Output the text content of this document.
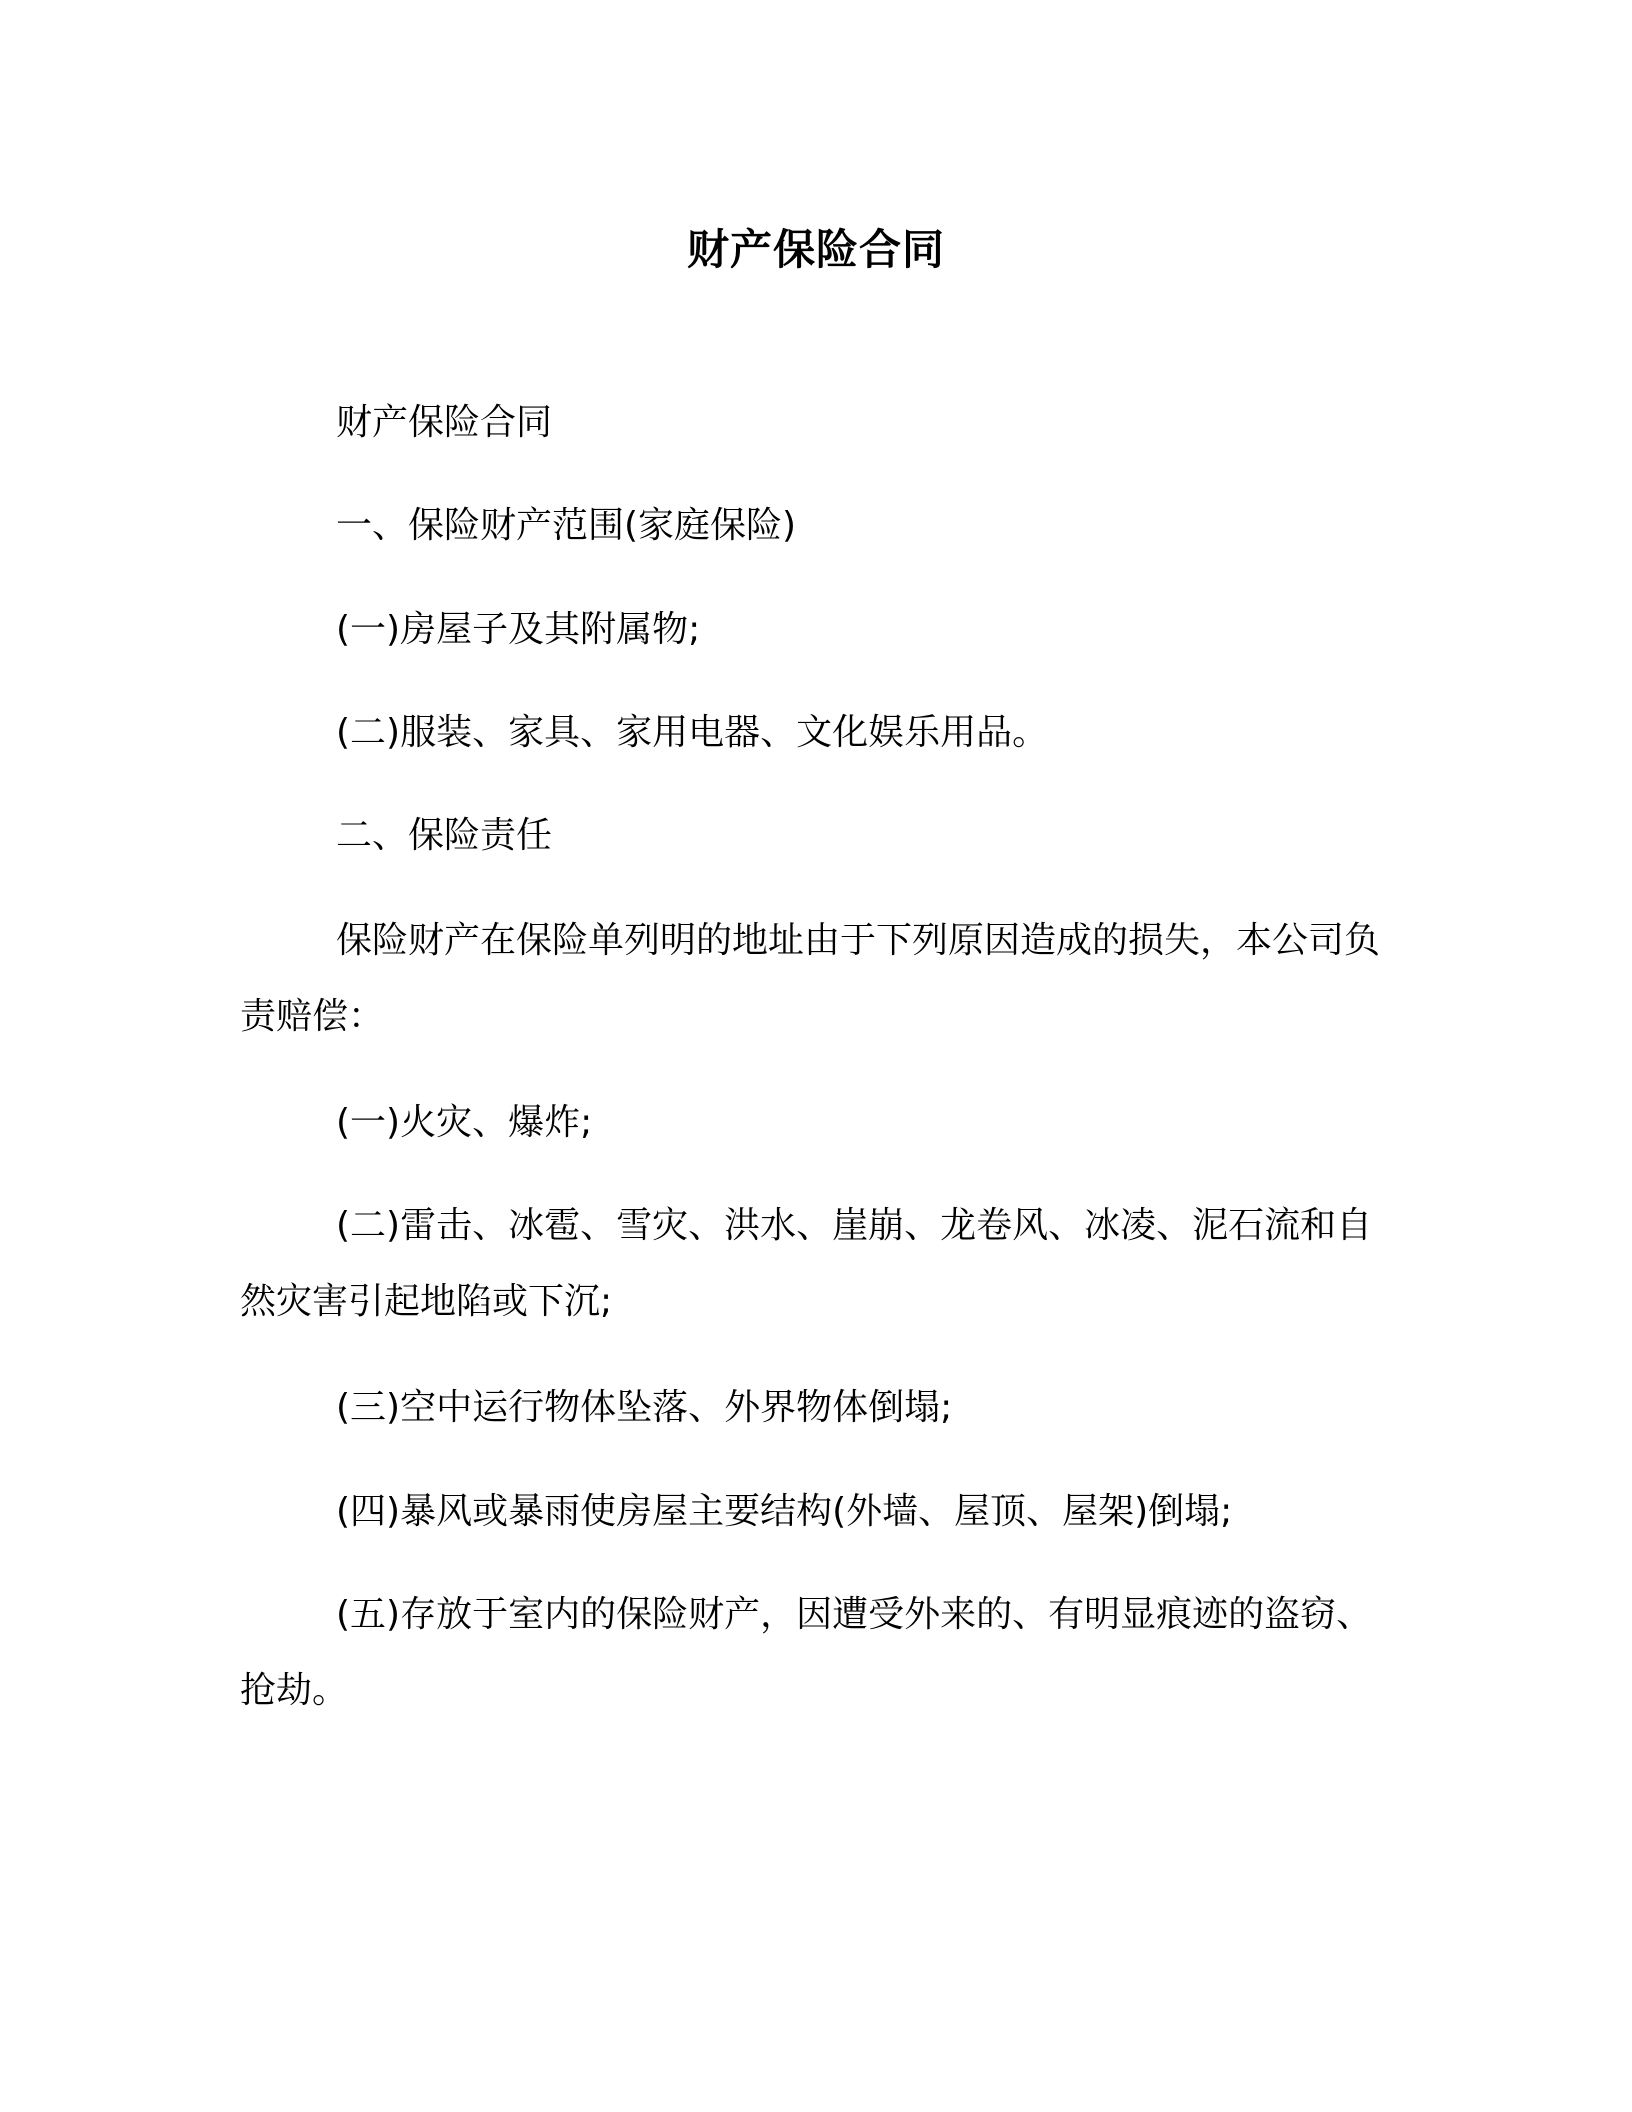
财产保险合同

财产保险合同

一、保险财产范围(家庭保险)

(一)房屋子及其附属物;

(二)服装、家具、家用电器、文化娱乐用品。

二、保险责任

保险财产在保险单列明的地址由于下列原因造成的损失，本公司负责赔偿：

(一)火灾、爆炸;

(二)雷击、冰雹、雪灾、洪水、崖崩、龙卷风、冰凌、泥石流和自然灾害引起地陷或下沉;

(三)空中运行物体坠落、外界物体倒塌;

(四)暴风或暴雨使房屋主要结构(外墙、屋顶、屋架)倒塌;

(五)存放于室内的保险财产，因遭受外来的、有明显痕迹的盗窃、抢劫。
